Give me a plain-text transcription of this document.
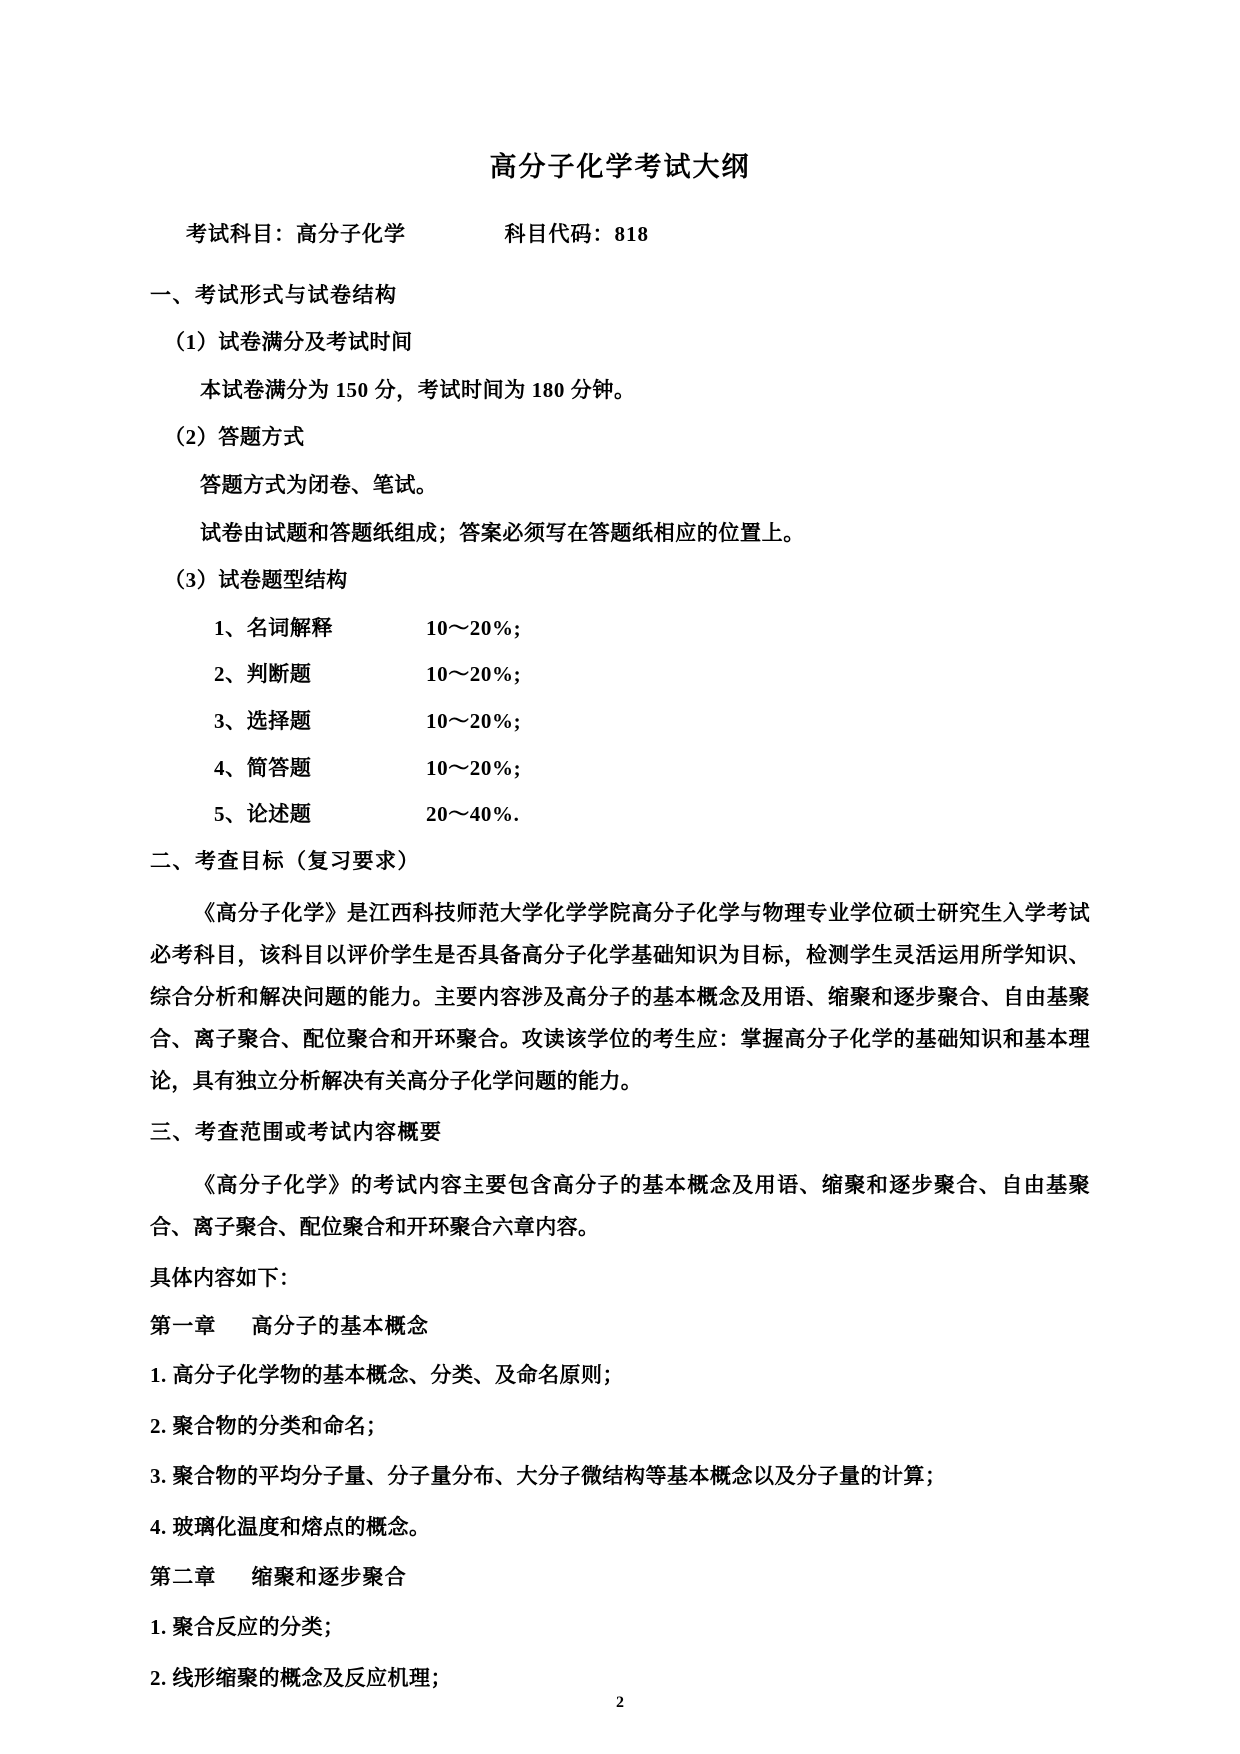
高分子化学考试大纲
考试科目：高分子化学	科目代码：818
一、考试形式与试卷结构
（1）试卷满分及考试时间
本试卷满分为 150 分，考试时间为 180 分钟。
（2）答题方式
答题方式为闭卷、笔试。
试卷由试题和答题纸组成；答案必须写在答题纸相应的位置上。
（3）试卷题型结构
1、名词解释	10～20%;
2、判断题	10～20%;
3、选择题	10～20%;
4、简答题	10～20%;
5、论述题	20～40%.
二、考查目标（复习要求）
《高分子化学》是江西科技师范大学化学学院高分子化学与物理专业学位硕士研究生入学考试必考科目，该科目以评价学生是否具备高分子化学基础知识为目标，检测学生灵活运用所学知识、综合分析和解决问题的能力。主要内容涉及高分子的基本概念及用语、缩聚和逐步聚合、自由基聚合、离子聚合、配位聚合和开环聚合。攻读该学位的考生应：掌握高分子化学的基础知识和基本理论，具有独立分析解决有关高分子化学问题的能力。
三、考查范围或考试内容概要
《高分子化学》的考试内容主要包含高分子的基本概念及用语、缩聚和逐步聚合、自由基聚合、离子聚合、配位聚合和开环聚合六章内容。
具体内容如下：
第一章 高分子的基本概念
1. 高分子化学物的基本概念、分类、及命名原则；
2. 聚合物的分类和命名；
3. 聚合物的平均分子量、分子量分布、大分子微结构等基本概念以及分子量的计算；
4. 玻璃化温度和熔点的概念。
第二章 缩聚和逐步聚合
1. 聚合反应的分类；
2. 线形缩聚的概念及反应机理；
2
